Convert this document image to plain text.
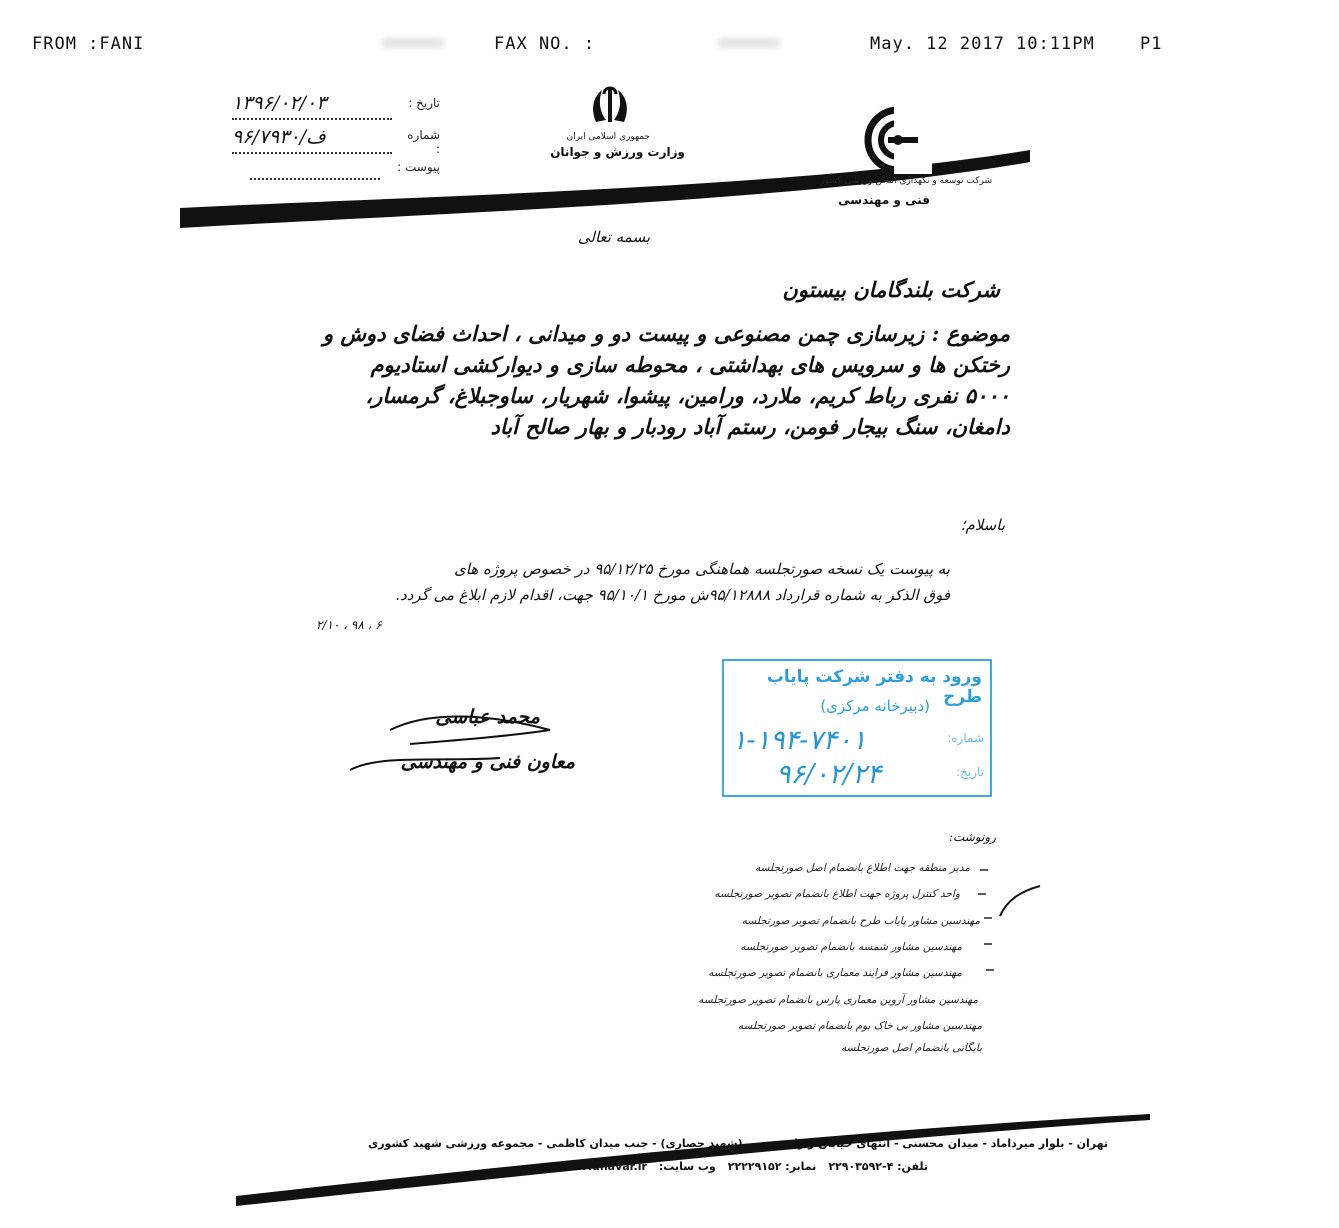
FROM :FANI	FAX NO. :	May. 12 2017 10:11PM	P1
تاریخ :
۱۳۹۶/۰۲/۰۳
شماره :
۹۶/۷۹۳۰/ف
پیوست :
جمهوری اسلامی ایران
وزارت ورزش و جوانان
شرکت توسعه و نگهداری اماکن ورزشی کشور
فنی و مهندسی
بسمه تعالی
شرکت بلندگامان بیستون
موضوع : زیرسازی چمن مصنوعی و پیست دو و میدانی ، احداث فضای دوش و
رختکن ها و سرویس های بهداشتی ، محوطه سازی و دیوارکشی استادیوم
۵۰۰۰ نفری رباط کریم، ملارد، ورامین، پیشوا، شهریار، ساوجبلاغ، گرمسار،
دامغان، سنگ بیجار فومن، رستم آباد رودبار و بهار صالح آباد
باسلام؛
به پیوست یک نسخه صورتجلسه هماهنگی مورخ ۹۵/۱۲/۲۵ در خصوص پروژه های
فوق الذکر به شماره قرارداد ۹۵/۱۲۸۸۸ش مورخ ۹۵/۱۰/۱ جهت، اقدام لازم ابلاغ می گردد.
۲/۱۰ ، ۹۸ ، ۶
محمد عباسی
معاون فنی و مهندسی
ورود به دفتر شرکت پایاب طرح
(دبیرخانه مرکزی)
شماره:
۱-۱۹۴-۷۴۰۱
تاریخ:
۹۶/۰۲/۲۴
رونوشت:
مدیر منطقه جهت اطلاع بانضمام اصل صورتجلسه
واحد کنترل پروژه جهت اطلاع بانضمام تصویر صورتجلسه
مهندسین مشاور پایاب طرح بانضمام تصویر صورتجلسه
مهندسین مشاور شمسه بانضمام تصویر صورتجلسه
مهندسین مشاور فرایند معماری بانضمام تصویر صورتجلسه
مهندسین مشاور آروین معماری پارس بانضمام تصویر صورتجلسه
مهندسین مشاور بی خاک بوم بانضمام تصویر صورتجلسه
بایگانی بانضمام اصل صورتجلسه
تهران - بلوار میرداماد - میدان محسنی - انتهای خیابان رازان جنوبی (شهید حصاری) - جنب میدان کاظمی - مجموعه ورزشی شهید کشوری
تلفن: ۴-۲۲۹۰۳۵۹۲
نمابر: ۲۲۲۲۹۱۵۲
وب سایت:
www.Tanavar.ir
